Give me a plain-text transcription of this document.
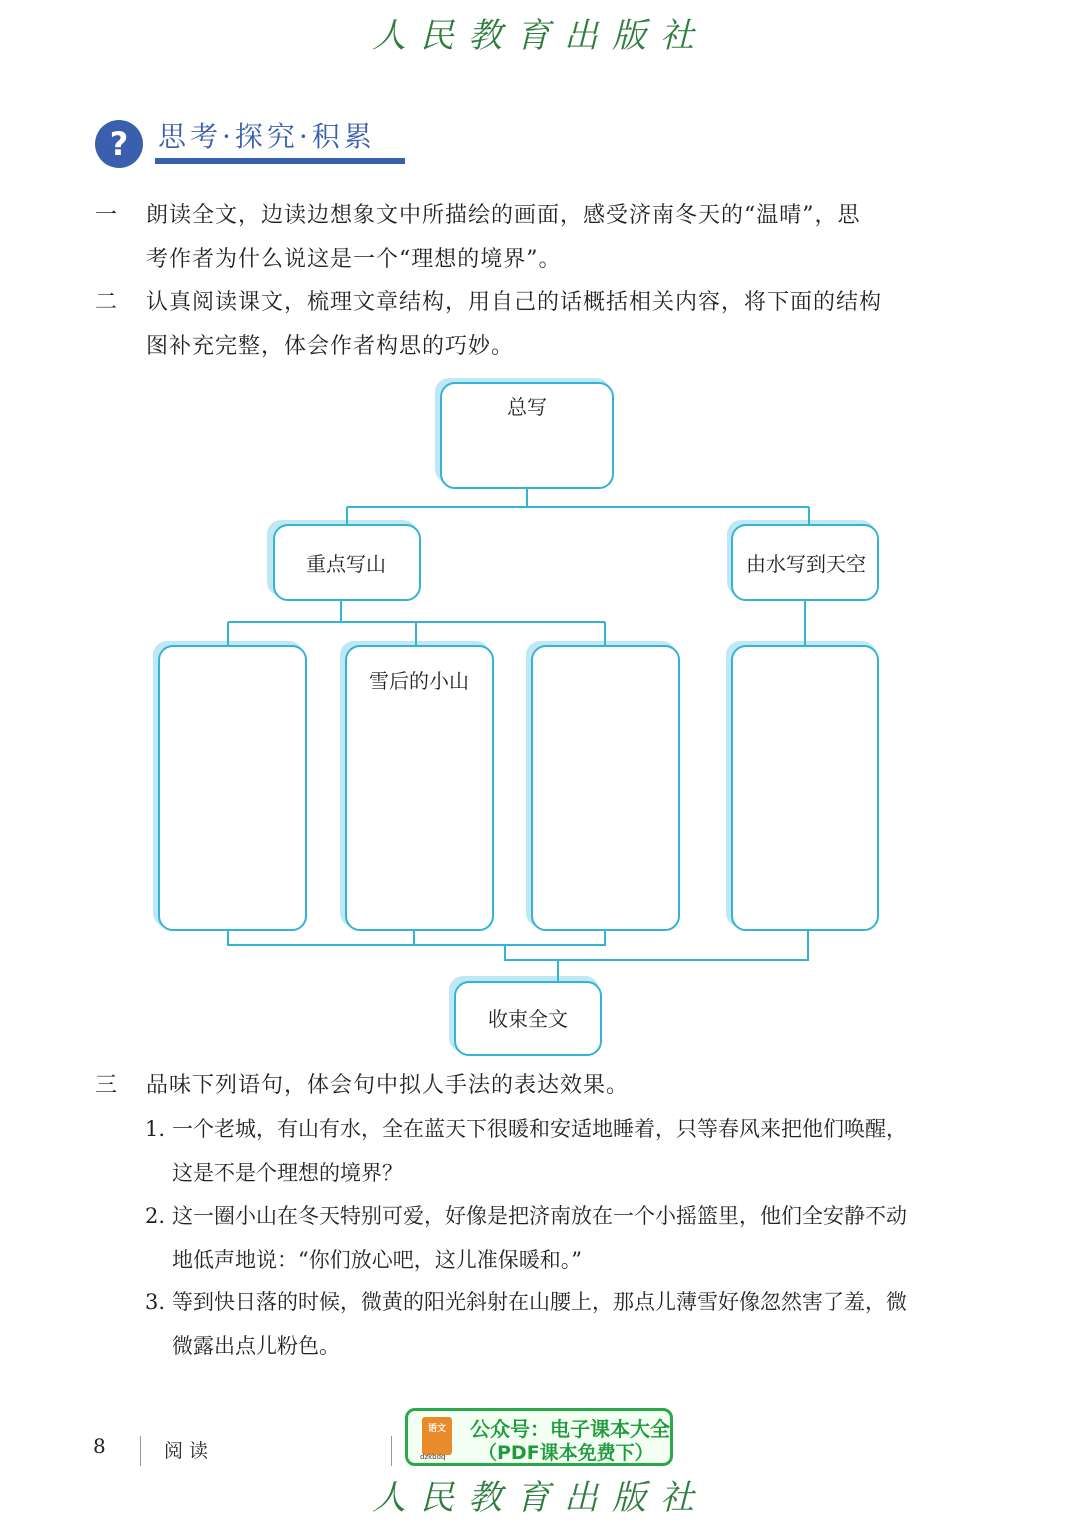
人民教育出版社
?	思考·探究·积累
一	朗读全文，边读边想象文中所描绘的画面，感受济南冬天的“温晴”，思
考作者为什么说这是一个“理想的境界”。
二	认真阅读课文，梳理文章结构，用自己的话概括相关内容，将下面的结构
图补充完整，体会作者构思的巧妙。
总写
重点写山	由水写到天空
雪后的小山
收束全文
三	品味下列语句，体会句中拟人手法的表达效果。
1. 一个老城，有山有水，全在蓝天下很暖和安适地睡着，只等春风来把他们唤醒，
这是不是个理想的境界？
2. 这一圈小山在冬天特别可爱，好像是把济南放在一个小摇篮里，他们全安静不动
地低声地说：“你们放心吧，这儿准保暖和。”
3. 等到快日落的时候，微黄的阳光斜射在山腰上，那点儿薄雪好像忽然害了羞，微
微露出点儿粉色。
8	阅读
语文
dzkbdq
公众号：电子课本大全
（PDF课本免费下）
人民教育出版社
